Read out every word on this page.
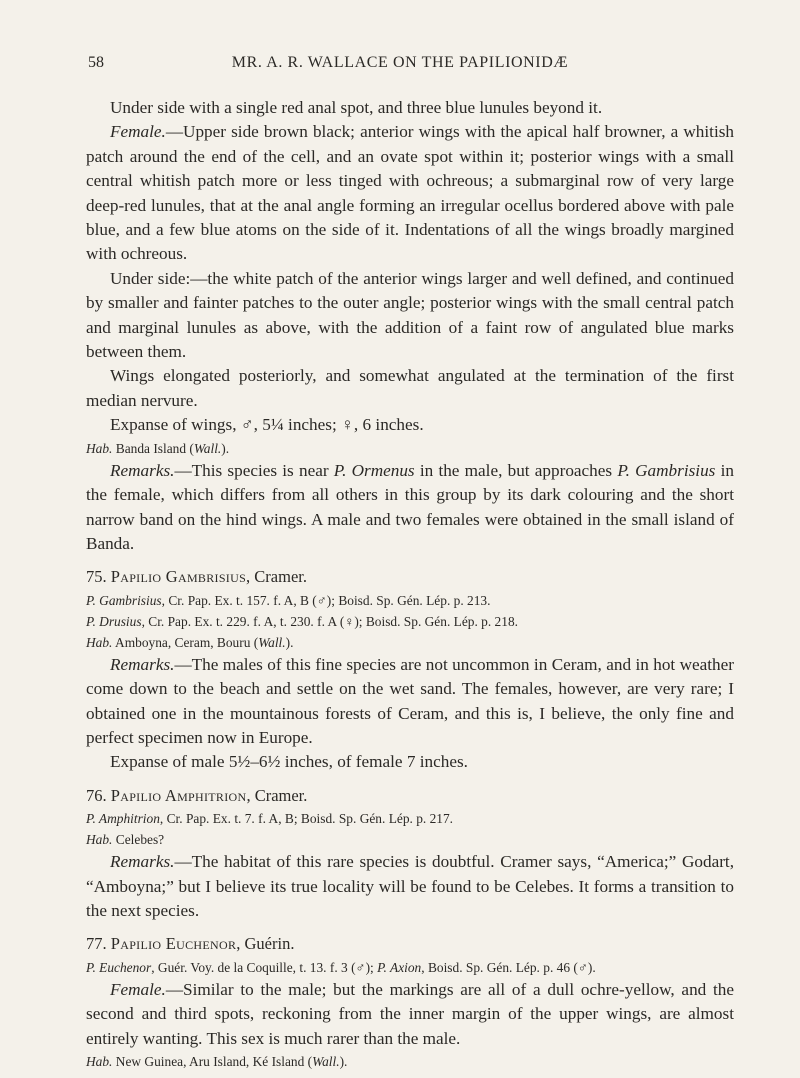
58	MR. A. R. WALLACE ON THE PAPILIONIDÆ

Under side with a single red anal spot, and three blue lunules beyond it.

Female.—Upper side brown black; anterior wings with the apical half browner, a whitish patch around the end of the cell, and an ovate spot within it; posterior wings with a small central whitish patch more or less tinged with ochreous; a submarginal row of very large deep-red lunules, that at the anal angle forming an irregular ocellus bordered above with pale blue, and a few blue atoms on the side of it. Indentations of all the wings broadly margined with ochreous.

Under side:—the white patch of the anterior wings larger and well defined, and continued by smaller and fainter patches to the outer angle; posterior wings with the small central patch and marginal lunules as above, with the addition of a faint row of angulated blue marks between them.

Wings elongated posteriorly, and somewhat angulated at the termination of the first median nervure.

Expanse of wings, ♂, 5¼ inches; ♀, 6 inches.

Hab. Banda Island (Wall.).

Remarks.—This species is near P. Ormenus in the male, but approaches P. Gambrisius in the female, which differs from all others in this group by its dark colouring and the short narrow band on the hind wings. A male and two females were obtained in the small island of Banda.

75. Papilio Gambrisius, Cramer.

P. Gambrisius, Cr. Pap. Ex. t. 157. f. A, B (♂); Boisd. Sp. Gén. Lép. p. 213.

P. Drusius, Cr. Pap. Ex. t. 229. f. A, t. 230. f. A (♀); Boisd. Sp. Gén. Lép. p. 218.

Hab. Amboyna, Ceram, Bouru (Wall.).

Remarks.—The males of this fine species are not uncommon in Ceram, and in hot weather come down to the beach and settle on the wet sand. The females, however, are very rare; I obtained one in the mountainous forests of Ceram, and this is, I believe, the only fine and perfect specimen now in Europe.

Expanse of male 5½–6½ inches, of female 7 inches.

76. Papilio Amphitrion, Cramer.

P. Amphitrion, Cr. Pap. Ex. t. 7. f. A, B; Boisd. Sp. Gén. Lép. p. 217.

Hab. Celebes?

Remarks.—The habitat of this rare species is doubtful. Cramer says, “America;” Godart, “Amboyna;” but I believe its true locality will be found to be Celebes. It forms a transition to the next species.

77. Papilio Euchenor, Guérin.

P. Euchenor, Guér. Voy. de la Coquille, t. 13. f. 3 (♂); P. Axion, Boisd. Sp. Gén. Lép. p. 46 (♂).

Female.—Similar to the male; but the markings are all of a dull ochre-yellow, and the second and third spots, reckoning from the inner margin of the upper wings, are almost entirely wanting. This sex is much rarer than the male.

Hab. New Guinea, Aru Island, Ké Island (Wall.).
